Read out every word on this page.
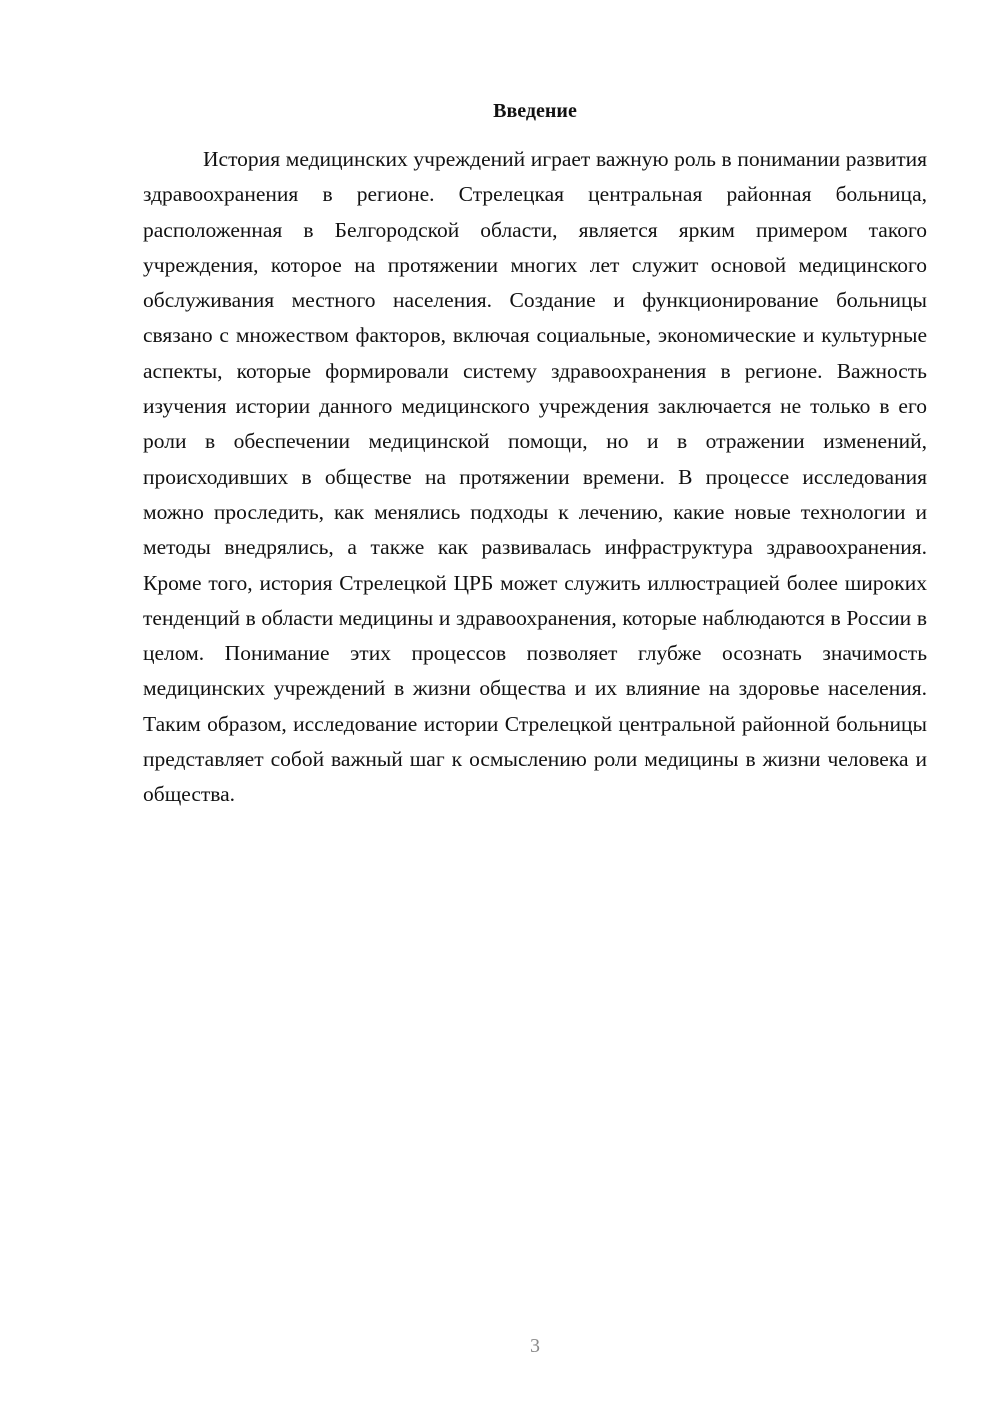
Введение

История медицинских учреждений играет важную роль в понимании развития здравоохранения в регионе. Стрелецкая центральная районная больница, расположенная в Белгородской области, является ярким примером такого учреждения, которое на протяжении многих лет служит основой медицинского обслуживания местного населения. Создание и функционирование больницы связано с множеством факторов, включая социальные, экономические и культурные аспекты, которые формировали систему здравоохранения в регионе. Важность изучения истории данного медицинского учреждения заключается не только в его роли в обеспечении медицинской помощи, но и в отражении изменений, происходивших в обществе на протяжении времени. В процессе исследования можно проследить, как менялись подходы к лечению, какие новые технологии и методы внедрялись, а также как развивалась инфраструктура здравоохранения. Кроме того, история Стрелецкой ЦРБ может служить иллюстрацией более широких тенденций в области медицины и здравоохранения, которые наблюдаются в России в целом. Понимание этих процессов позволяет глубже осознать значимость медицинских учреждений в жизни общества и их влияние на здоровье населения. Таким образом, исследование истории Стрелецкой центральной районной больницы представляет собой важный шаг к осмыслению роли медицины в жизни человека и общества.

3
